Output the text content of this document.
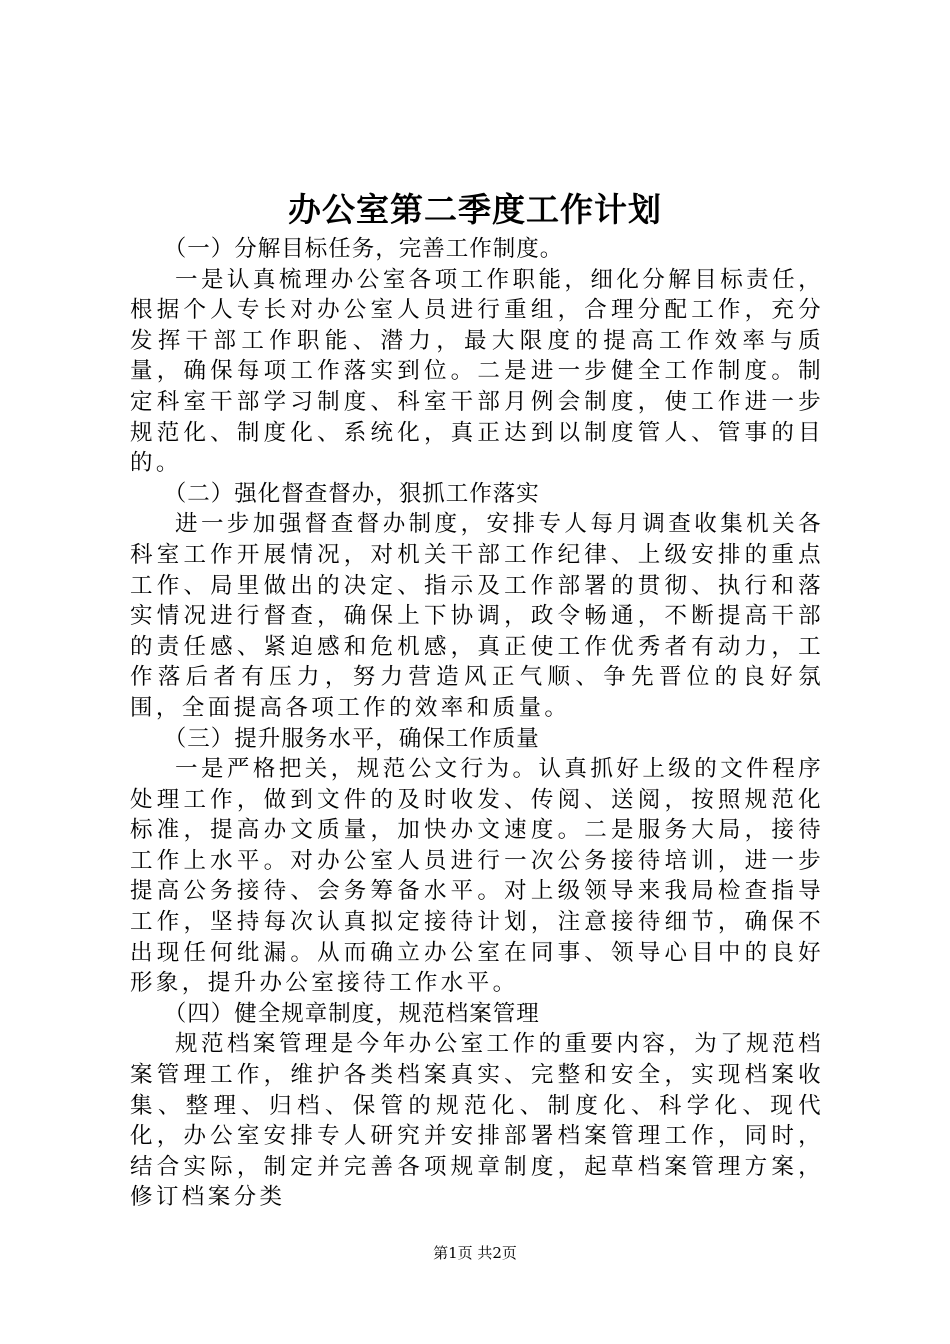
办公室第二季度工作计划

（一）分解目标任务，完善工作制度。

一是认真梳理办公室各项工作职能，细化分解目标责任，根据个人专长对办公室人员进行重组，合理分配工作，充分发挥干部工作职能、潜力，最大限度的提高工作效率与质量，确保每项工作落实到位。二是进一步健全工作制度。制定科室干部学习制度、科室干部月例会制度，使工作进一步规范化、制度化、系统化，真正达到以制度管人、管事的目的。

（二）强化督查督办，狠抓工作落实

进一步加强督查督办制度，安排专人每月调查收集机关各科室工作开展情况，对机关干部工作纪律、上级安排的重点工作、局里做出的决定、指示及工作部署的贯彻、执行和落实情况进行督查，确保上下协调，政令畅通，不断提高干部的责任感、紧迫感和危机感，真正使工作优秀者有动力，工作落后者有压力，努力营造风正气顺、争先晋位的良好氛围，全面提高各项工作的效率和质量。

（三）提升服务水平，确保工作质量

一是严格把关，规范公文行为。认真抓好上级的文件程序处理工作，做到文件的及时收发、传阅、送阅，按照规范化标准，提高办文质量，加快办文速度。二是服务大局，接待工作上水平。对办公室人员进行一次公务接待培训，进一步提高公务接待、会务筹备水平。对上级领导来我局检查指导工作，坚持每次认真拟定接待计划，注意接待细节，确保不出现任何纰漏。从而确立办公室在同事、领导心目中的良好形象，提升办公室接待工作水平。

（四）健全规章制度，规范档案管理

规范档案管理是今年办公室工作的重要内容，为了规范档案管理工作，维护各类档案真实、完整和安全，实现档案收集、整理、归档、保管的规范化、制度化、科学化、现代化，办公室安排专人研究并安排部署档案管理工作，同时，结合实际，制定并完善各项规章制度，起草档案管理方案，修订档案分类

第1页 共2页
